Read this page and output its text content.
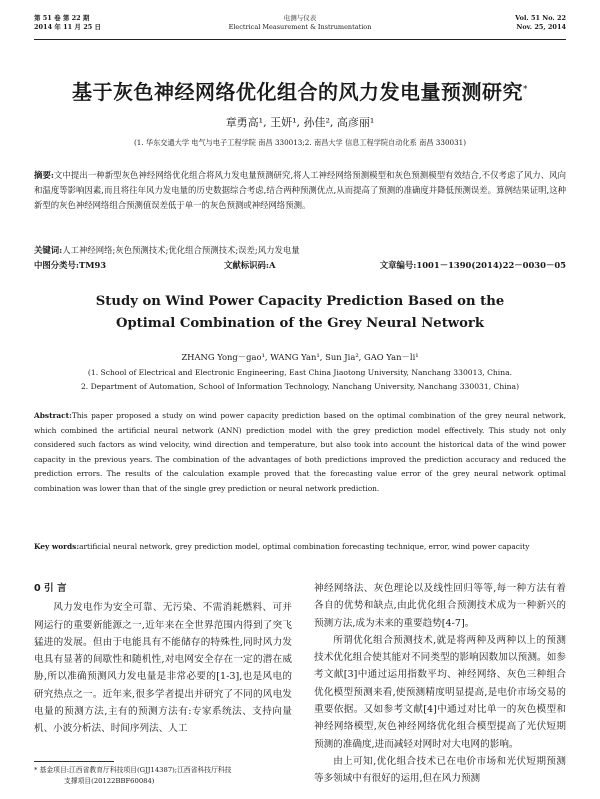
第 51 卷 第 22 期
2014 年 11 月 25 日
电测与仪表
Electrical Measurement & Instrumentation
Vol. 51 No. 22
Nov. 25, 2014
基于灰色神经网络优化组合的风力发电量预测研究*
章勇高¹, 王妍¹, 孙佳², 高彦丽¹
(1. 华东交通大学 电气与电子工程学院 南昌 330013;2. 南昌大学 信息工程学院自动化系 南昌 330031)
摘要:文中提出一种新型灰色神经网络优化组合将风力发电量预测研究,将人工神经网络预测模型和灰色预测模型有效结合,不仅考虑了风力、风向和温度等影响因素,而且将往年风力发电量的历史数据综合考虑,结合两种预测优点,从而提高了预测的准确度并降低预测误差。算例结果证明,这种新型的灰色神经网络组合预测值误差低于单一的灰色预测或神经网络预测。
关键词:人工神经网络;灰色预测技术;优化组合预测技术;误差;风力发电量
中图分类号:TM93	文献标识码:A	文章编号:1001－1390(2014)22－0030－05
Study on Wind Power Capacity Prediction Based on the
Optimal Combination of the Grey Neural Network
ZHANG Yong－gao¹, WANG Yan¹, Sun Jia², GAO Yan－li¹
(1. School of Electrical and Electronic Engineering, East China Jiaotong University, Nanchang 330013, China.
2. Department of Automation, School of Information Technology, Nanchang University, Nanchang 330031, China)
Abstract:This paper proposed a study on wind power capacity prediction based on the optimal combination of the grey neural network, which combined the artificial neural network (ANN) prediction model with the grey prediction model effectively. This study not only considered such factors as wind velocity, wind direction and temperature, but also took into account the historical data of the wind power capacity in the previous years. The combination of the advantages of both predictions improved the prediction accuracy and reduced the prediction errors. The results of the calculation example proved that the forecasting value error of the grey neural network optimal combination was lower than that of the single grey prediction or neural network prediction.
Key words:artificial neural network, grey prediction model, optimal combination forecasting technique, error, wind power capacity
0 引 言

风力发电作为安全可靠、无污染、不需消耗燃料、可并网运行的重要新能源之一,近年来在全世界范围内得到了突飞猛进的发展。但由于电能具有不能储存的特殊性,同时风力发电具有显著的间歇性和随机性,对电网安全存在一定的潜在威胁,所以准确预测风力发电量是非常必要的[1-3],也是风电的研究热点之一。近年来,很多学者提出并研究了不同的风电发电量的预测方法,主有的预测方法有:专家系统法、支持向量机、小波分析法、时间序列法、人工

神经网络法、灰色理论以及线性回归等等,每一种方法有着各自的优势和缺点,由此优化组合预测技术成为一种新兴的预测方法,成为未来的重要趋势[4-7]。

所谓优化组合预测技术,就是将两种及两种以上的预测技术优化组合使其能对不同类型的影响因数加以预测。如参考文献[3]中通过运用指数平均、神经网络、灰色三种组合优化模型预测来看,使预测精度明显提高,是电价市场交易的重要依据。又如参考文献[4]中通过对比单一的灰色模型和神经网络模型,灰色神经网络优化组合模型提高了光伏短期预测的准确度,进而减轻对网时对大电网的影响。

由上可知,优化组合技术已在电价市场和光伏短期预测等多领域中有很好的运用,但在风力预测

* 基金项目:江西省教育厅科技项目(GJJ14387);江西省科技厅科技
支撑项目(20122BBF60084)
